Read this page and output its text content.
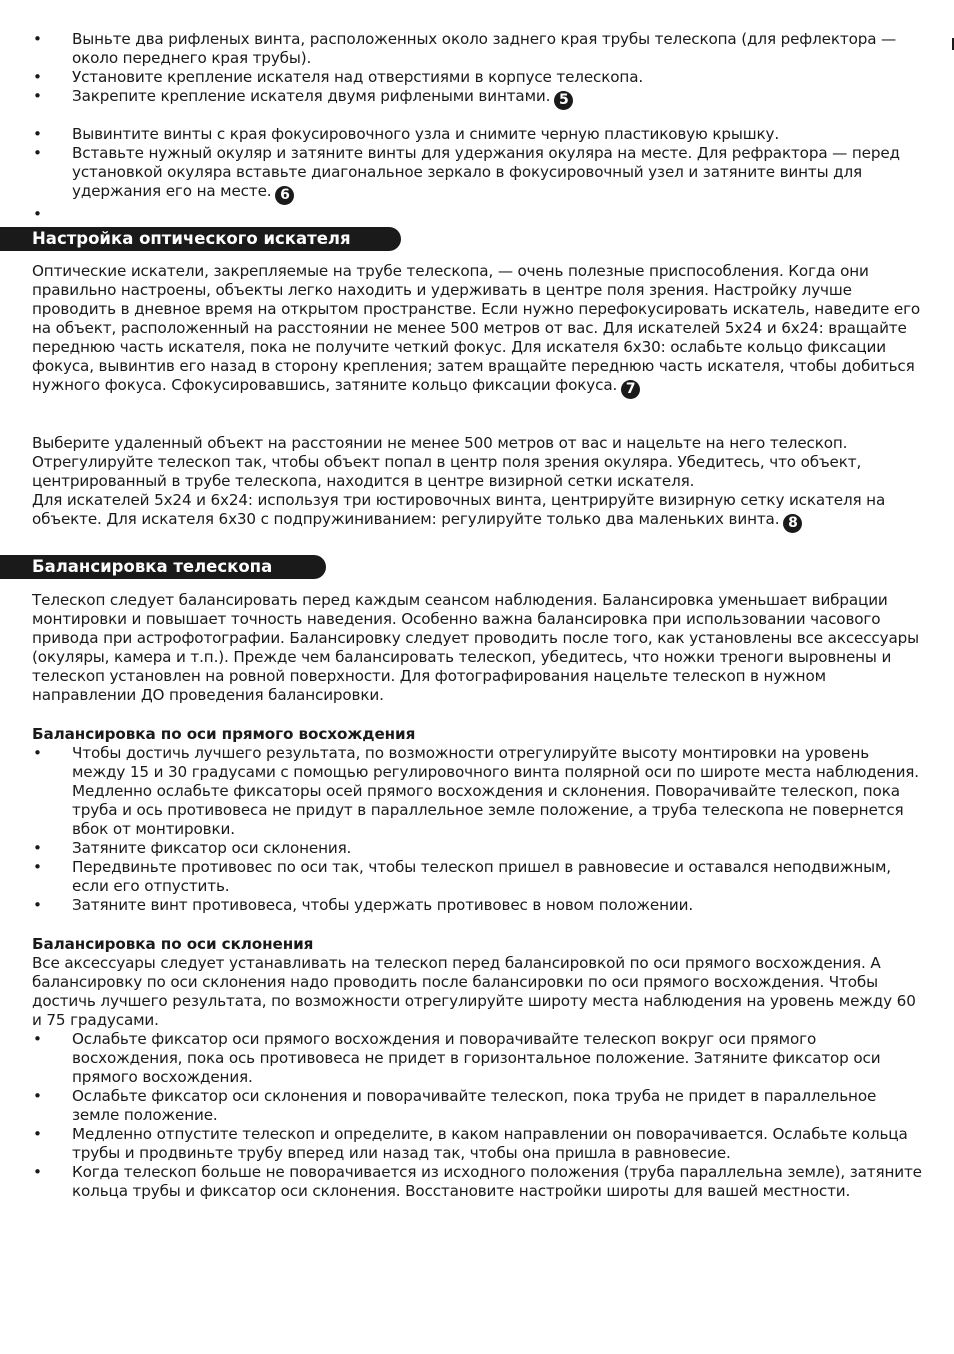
• Выньте два рифленых винта, расположенных около заднего края трубы телескопа (для рефлектора — около переднего края трубы).
• Установите крепление искателя над отверстиями в корпусе телескопа.
• Закрепите крепление искателя двумя рифлеными винтами. 5
• Вывинтите винты с края фокусировочного узла и снимите черную пластиковую крышку.
• Вставьте нужный окуляр и затяните винты для удержания окуляра на месте. Для рефрактора — перед установкой окуляра вставьте диагональное зеркало в фокусировочный узел и затяните винты для удержания его на месте. 6
•
Настройка оптического искателя

Оптические искатели, закрепляемые на трубе телескопа, — очень полезные приспособления. Когда они правильно настроены, объекты легко находить и удерживать в центре поля зрения. Настройку лучше проводить в дневное время на открытом пространстве. Если нужно перефокусировать искатель, наведите его на объект, расположенный на расстоянии не менее 500 метров от вас. Для искателей 5x24 и 6x24: вращайте переднюю часть искателя, пока не получите четкий фокус. Для искателя 6x30: ослабьте кольцо фиксации фокуса, вывинтив его назад в сторону крепления; затем вращайте переднюю часть искателя, чтобы добиться нужного фокуса. Сфокусировавшись, затяните кольцо фиксации фокуса. 7

Выберите удаленный объект на расстоянии не менее 500 метров от вас и нацельте на него телескоп. Отрегулируйте телескоп так, чтобы объект попал в центр поля зрения окуляра. Убедитесь, что объект, центрированный в трубе телескопа, находится в центре визирной сетки искателя.

Для искателей 5x24 и 6x24: используя три юстировочных винта, центрируйте визирную сетку искателя на объекте. Для искателя 6x30 с подпружиниванием: регулируйте только два маленьких винта. 8

Балансировка телескопа

Телескоп следует балансировать перед каждым сеансом наблюдения. Балансировка уменьшает вибрации монтировки и повышает точность наведения. Особенно важна балансировка при использовании часового привода при астрофотографии. Балансировку следует проводить после того, как установлены все аксессуары (окуляры, камера и т.п.). Прежде чем балансировать телескоп, убедитесь, что ножки треноги выровнены и телескоп установлен на ровной поверхности. Для фотографирования нацельте телескоп в нужном направлении ДО проведения балансировки.

Балансировка по оси прямого восхождения
• Чтобы достичь лучшего результата, по возможности отрегулируйте высоту монтировки на уровень между 15 и 30 градусами с помощью регулировочного винта полярной оси по широте места наблюдения. Медленно ослабьте фиксаторы осей прямого восхождения и склонения. Поворачивайте телескоп, пока труба и ось противовеса не придут в параллельное земле положение, а труба телескопа не повернется вбок от монтировки.
• Затяните фиксатор оси склонения.
• Передвиньте противовес по оси так, чтобы телескоп пришел в равновесие и оставался неподвижным, если его отпустить.
• Затяните винт противовеса, чтобы удержать противовес в новом положении.
Балансировка по оси склонения

Все аксессуары следует устанавливать на телескоп перед балансировкой по оси прямого восхождения. А балансировку по оси склонения надо проводить после балансировки по оси прямого восхождения. Чтобы достичь лучшего результата, по возможности отрегулируйте широту места наблюдения на уровень между 60 и 75 градусами.

• Ослабьте фиксатор оси прямого восхождения и поворачивайте телескоп вокруг оси прямого восхождения, пока ось противовеса не придет в горизонтальное положение. Затяните фиксатор оси прямого восхождения.
• Ослабьте фиксатор оси склонения и поворачивайте телескоп, пока труба не придет в параллельное земле положение.
• Медленно отпустите телескоп и определите, в каком направлении он поворачивается. Ослабьте кольца трубы и продвиньте трубу вперед или назад так, чтобы она пришла в равновесие.
• Когда телескоп больше не поворачивается из исходного положения (труба параллельна земле), затяните кольца трубы и фиксатор оси склонения. Восстановите настройки широты для вашей местности.
